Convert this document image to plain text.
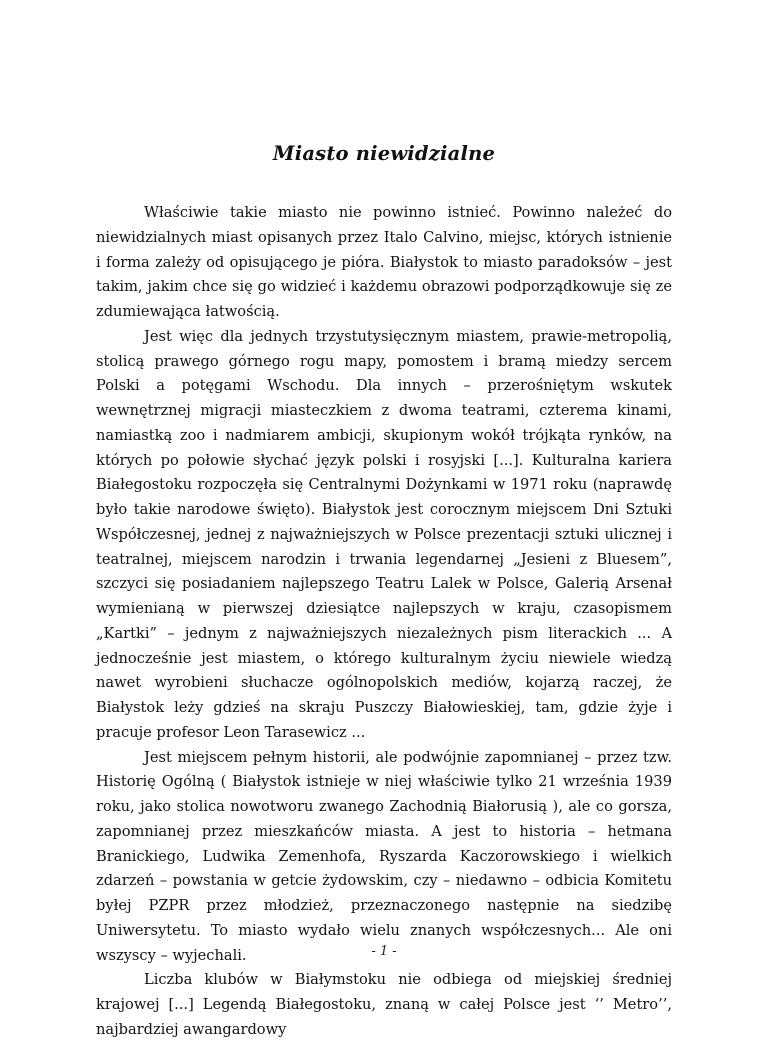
Miasto niewidzialne

Właściwie takie miasto nie powinno istnieć. Powinno należeć do niewidzialnych miast opisanych przez Italo Calvino, miejsc, których istnienie i forma zależy od opisującego je pióra. Białystok to miasto paradoksów – jest takim, jakim chce się go widzieć i każdemu obrazowi podporządkowuje się ze zdumiewająca łatwością.

Jest więc dla jednych trzystutysięcznym miastem, prawie-metropolią, stolicą prawego górnego rogu mapy, pomostem i bramą miedzy sercem Polski a potęgami Wschodu. Dla innych – przerośniętym wskutek wewnętrznej migracji miasteczkiem z dwoma teatrami, czterema kinami, namiastką zoo i nadmiarem ambicji, skupionym wokół trójkąta rynków, na których po połowie słychać język polski i rosyjski [...]. Kulturalna kariera Białegostoku rozpoczęła się Centralnymi Dożynkami w 1971 roku (naprawdę było takie narodowe święto). Białystok jest corocznym miejscem Dni Sztuki Współczesnej, jednej z najważniejszych w Polsce prezentacji sztuki ulicznej i teatralnej, miejscem narodzin i trwania legendarnej „Jesieni z Bluesem”, szczyci się posiadaniem najlepszego Teatru Lalek w Polsce, Galerią Arsenał wymienianą w pierwszej dziesiątce najlepszych w kraju, czasopismem „Kartki” – jednym z najważniejszych niezależnych pism literackich ... A jednocześnie jest miastem, o którego kulturalnym życiu niewiele wiedzą nawet wyrobieni słuchacze ogólnopolskich mediów, kojarzą raczej, że Białystok leży gdzieś na skraju Puszczy Białowieskiej, tam, gdzie żyje i pracuje profesor Leon Tarasewicz ...

Jest miejscem pełnym historii, ale podwójnie zapomnianej – przez tzw. Historię Ogólną ( Białystok istnieje w niej właściwie tylko 21 września 1939 roku, jako stolica nowotworu zwanego Zachodnią Białorusią ), ale co gorsza, zapomnianej przez mieszkańców miasta. A jest to historia – hetmana Branickiego, Ludwika Zemenhofa, Ryszarda Kaczorowskiego i wielkich zdarzeń – powstania w getcie żydowskim, czy – niedawno – odbicia Komitetu byłej PZPR przez młodzież, przeznaczonego następnie na siedzibę Uniwersytetu. To miasto wydało wielu znanych współczesnych... Ale oni wszyscy – wyjechali.

Liczba klubów w Białymstoku nie odbiega od miejskiej średniej krajowej [...] Legendą Białegostoku, znaną w całej Polsce jest ‘’ Metro’’, najbardziej awangardowy

- 1 -
